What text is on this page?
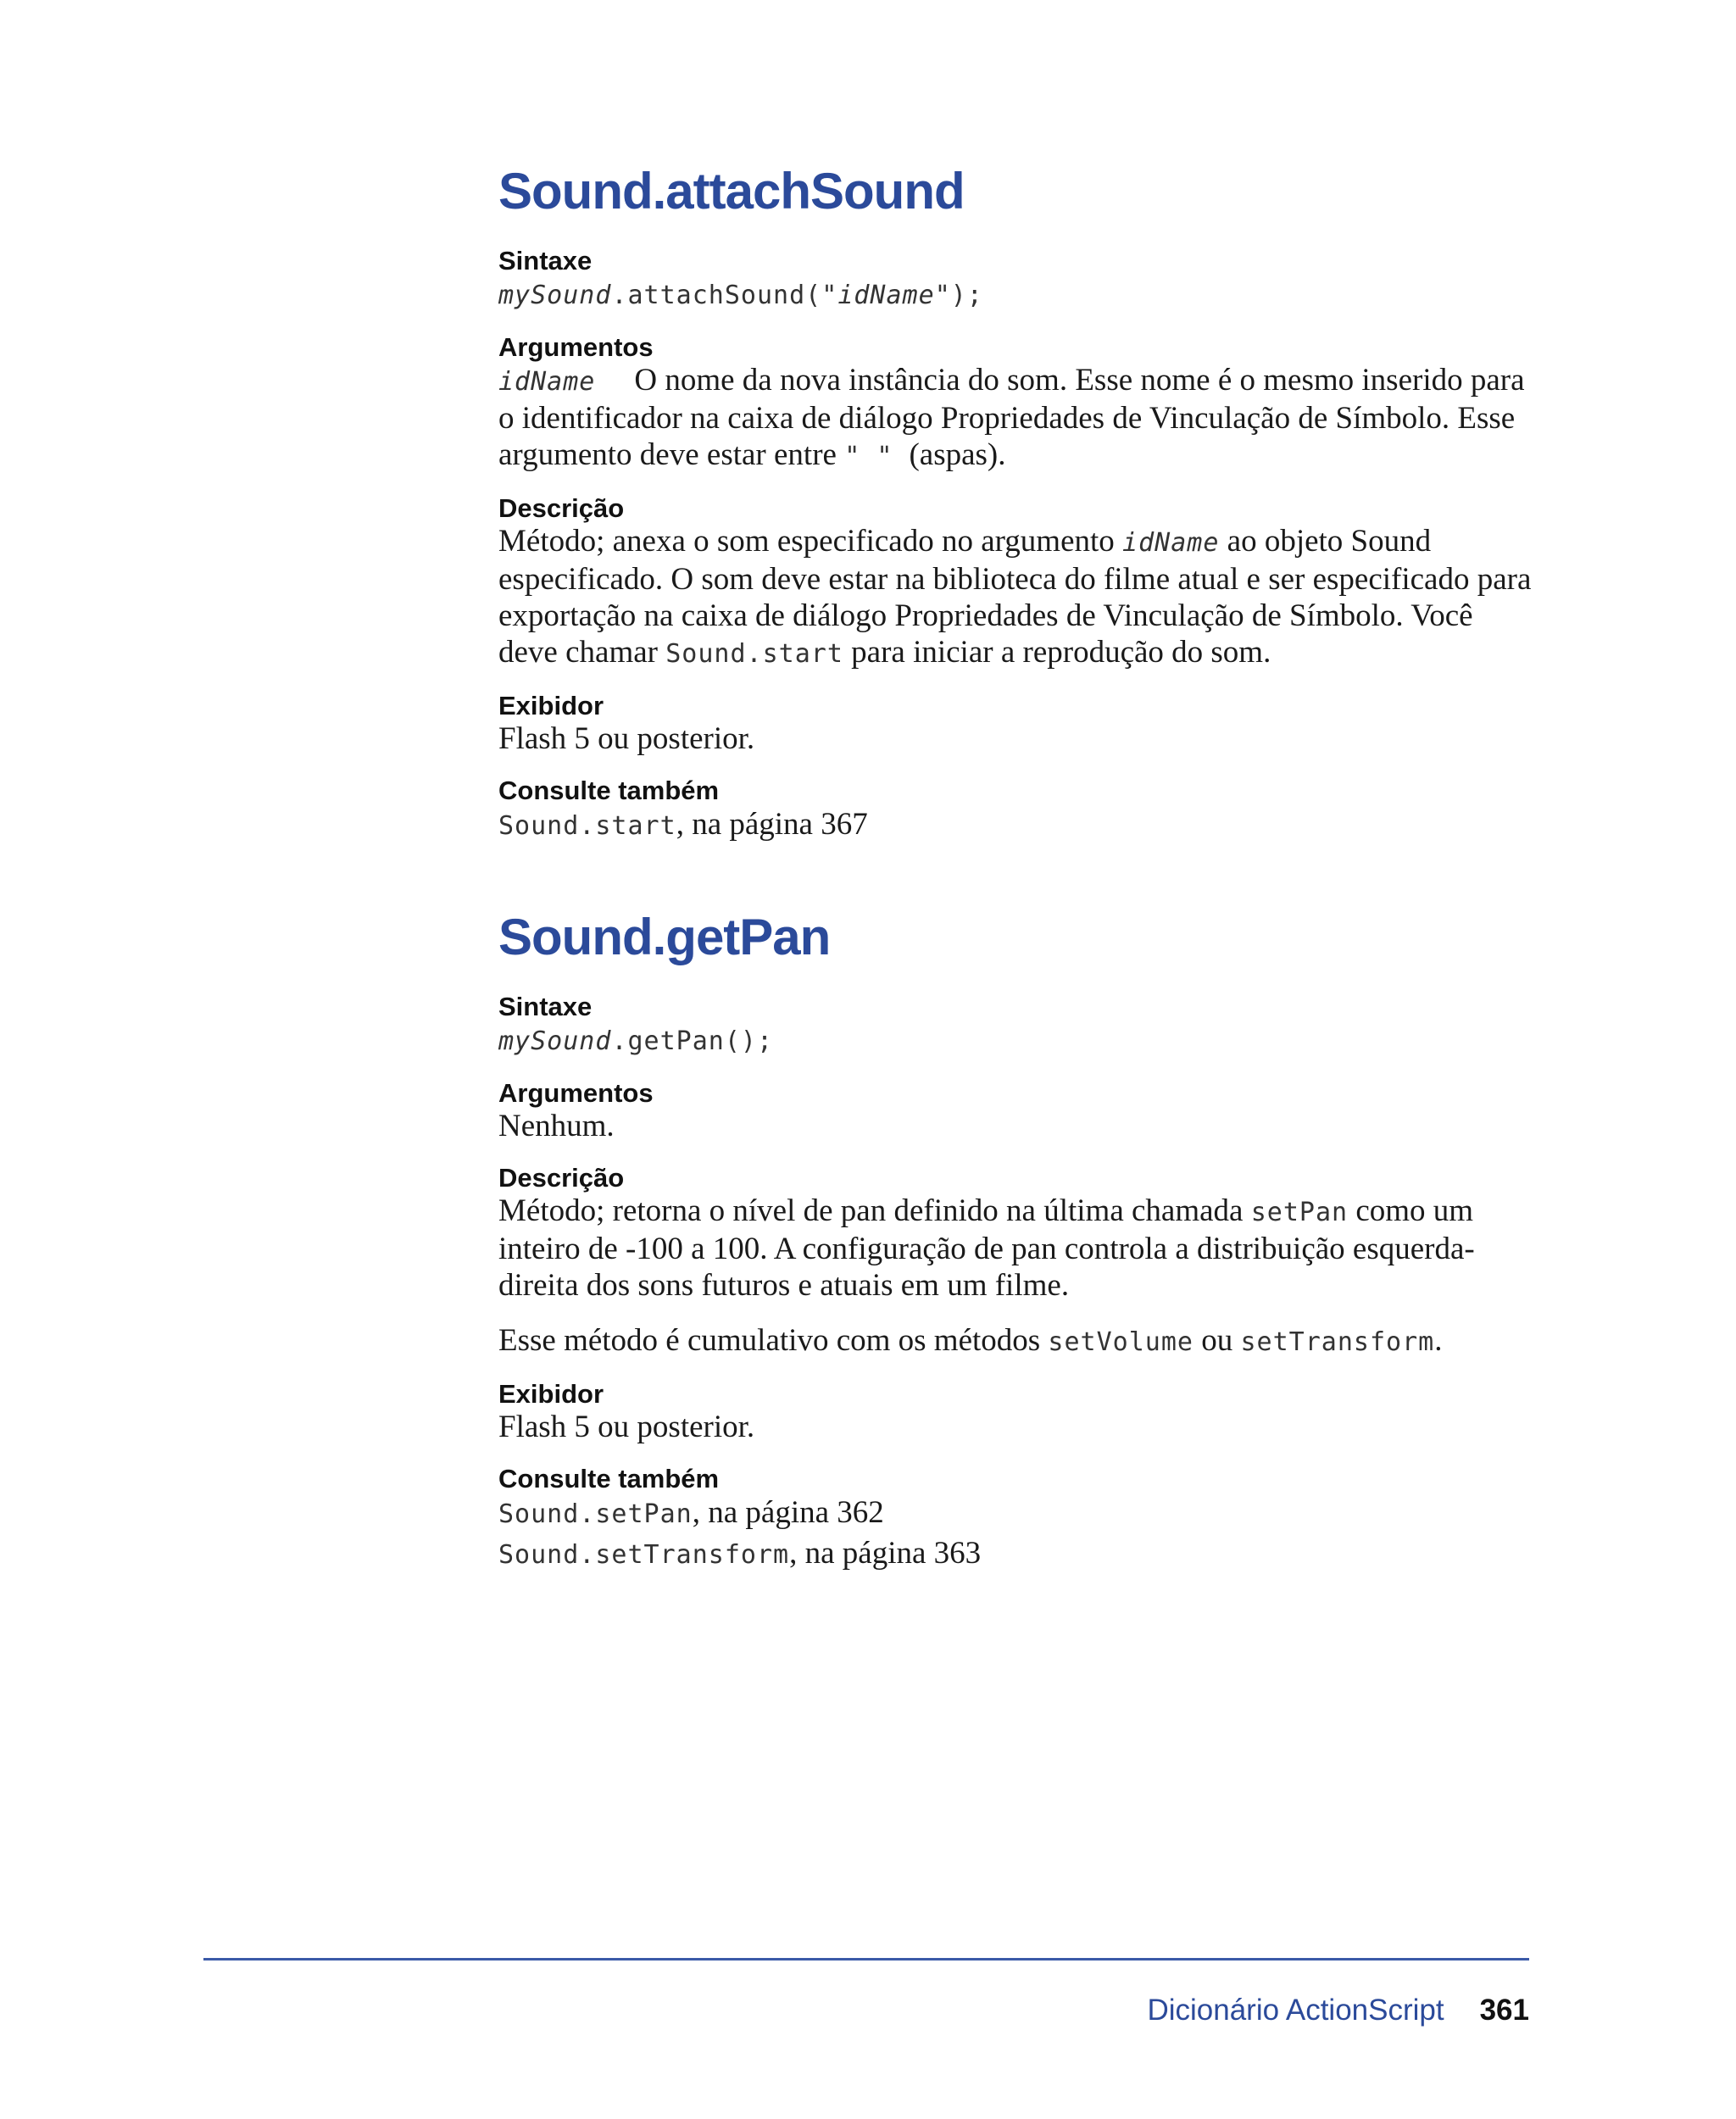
Sound.attachSound
Sintaxe

mySound.attachSound("idName");

Argumentos

idName O nome da nova instância do som. Esse nome é o mesmo inserido para o identificador na caixa de diálogo Propriedades de Vinculação de Símbolo. Esse argumento deve estar entre " " (aspas).

Descrição

Método; anexa o som especificado no argumento idName ao objeto Sound especificado. O som deve estar na biblioteca do filme atual e ser especificado para exportação na caixa de diálogo Propriedades de Vinculação de Símbolo. Você deve chamar Sound.start para iniciar a reprodução do som.

Exibidor

Flash 5 ou posterior.

Consulte também

Sound.start, na página 367

Sound.getPan
Sintaxe

mySound.getPan();

Argumentos

Nenhum.

Descrição

Método; retorna o nível de pan definido na última chamada setPan como um inteiro de -100 a 100. A configuração de pan controla a distribuição esquerda-direita dos sons futuros e atuais em um filme.

Esse método é cumulativo com os métodos setVolume ou setTransform.

Exibidor

Flash 5 ou posterior.

Consulte também

Sound.setPan, na página 362

Sound.setTransform, na página 363

Dicionário ActionScript 361
